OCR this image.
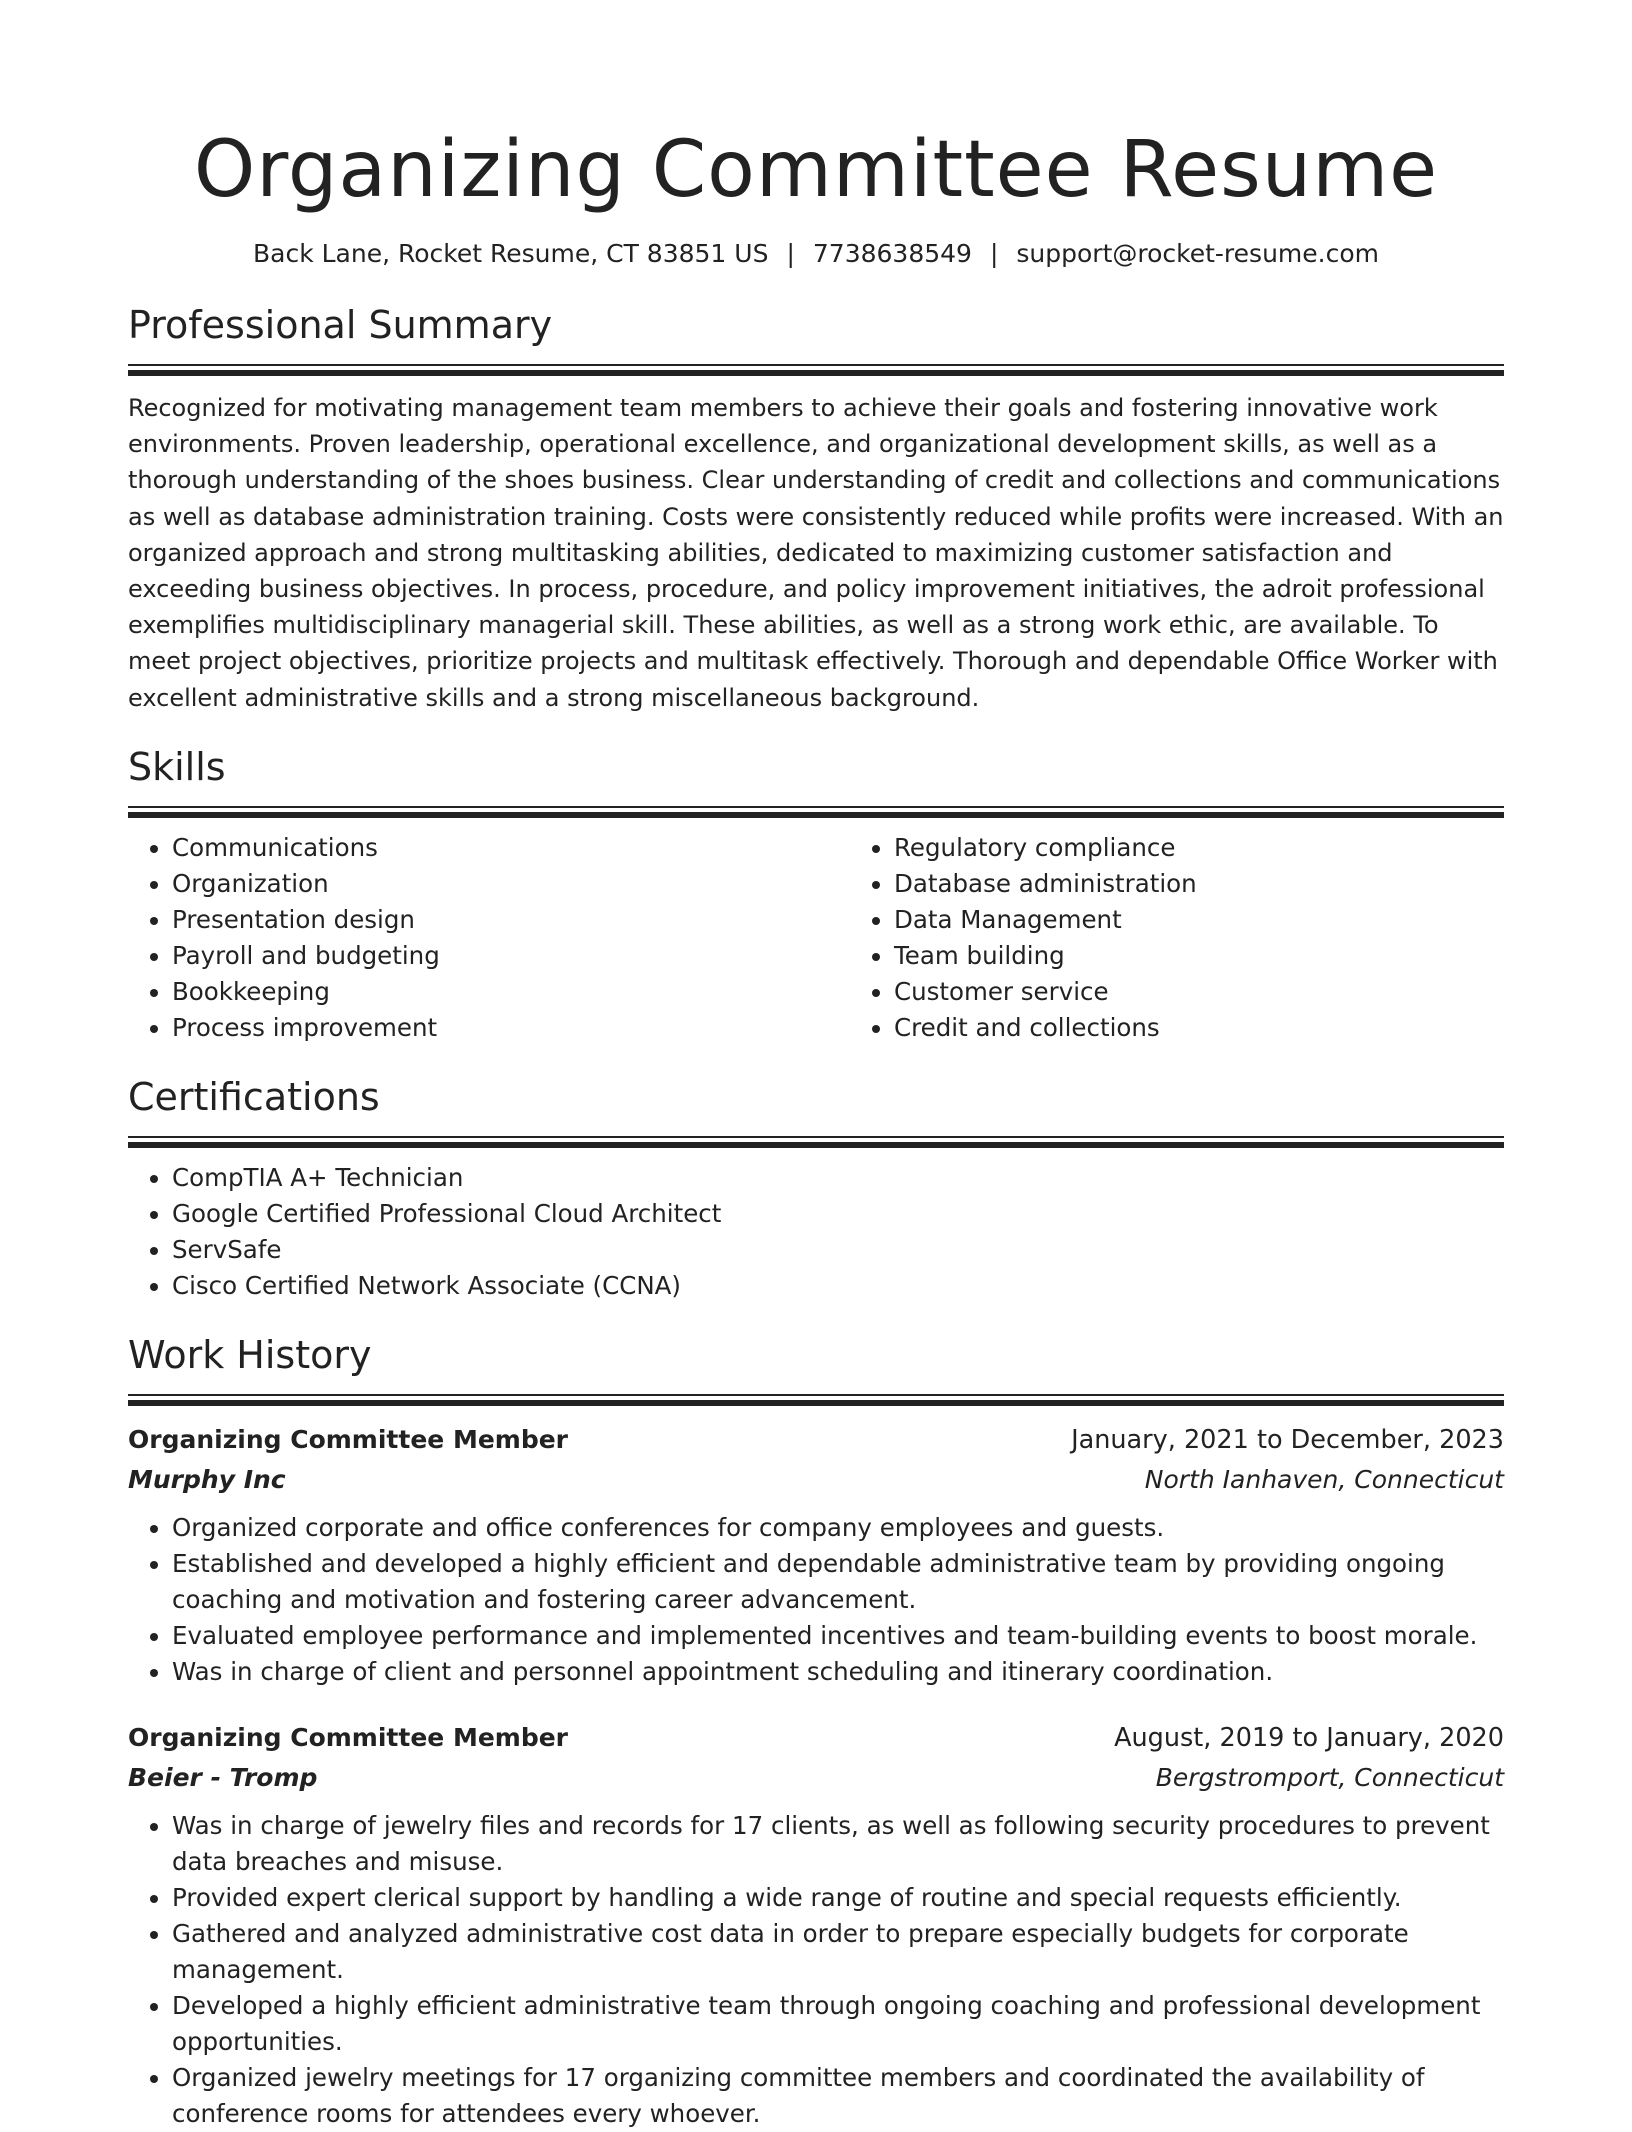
Organizing Committee Resume
Back Lane, Rocket Resume, CT 83851 US | 7738638549 | support@rocket-resume.com
Professional Summary

Recognized for motivating management team members to achieve their goals and fostering innovative work environments. Proven leadership, operational excellence, and organizational development skills, as well as a thorough understanding of the shoes business. Clear understanding of credit and collections and communications as well as database administration training. Costs were consistently reduced while profits were increased. With an organized approach and strong multitasking abilities, dedicated to maximizing customer satisfaction and exceeding business objectives. In process, procedure, and policy improvement initiatives, the adroit professional exemplifies multidisciplinary managerial skill. These abilities, as well as a strong work ethic, are available. To meet project objectives, prioritize projects and multitask effectively. Thorough and dependable Office Worker with excellent administrative skills and a strong miscellaneous background.

Skills
• Communications
• Organization
• Presentation design
• Payroll and budgeting
• Bookkeeping
• Process improvement
• Regulatory compliance
• Database administration
• Data Management
• Team building
• Customer service
• Credit and collections
Certifications
• CompTIA A+ Technician
• Google Certified Professional Cloud Architect
• ServSafe
• Cisco Certified Network Associate (CCNA)
Work History
Organizing Committee Member	January, 2021 to December, 2023
Murphy Inc	North Ianhaven, Connecticut
• Organized corporate and office conferences for company employees and guests.
• Established and developed a highly efficient and dependable administrative team by providing ongoing coaching and motivation and fostering career advancement.
• Evaluated employee performance and implemented incentives and team-building events to boost morale.
• Was in charge of client and personnel appointment scheduling and itinerary coordination.
Organizing Committee Member	August, 2019 to January, 2020
Beier - Tromp	Bergstromport, Connecticut
• Was in charge of jewelry files and records for 17 clients, as well as following security procedures to prevent data breaches and misuse.
• Provided expert clerical support by handling a wide range of routine and special requests efficiently.
• Gathered and analyzed administrative cost data in order to prepare especially budgets for corporate management.
• Developed a highly efficient administrative team through ongoing coaching and professional development opportunities.
• Organized jewelry meetings for 17 organizing committee members and coordinated the availability of conference rooms for attendees every whoever.
